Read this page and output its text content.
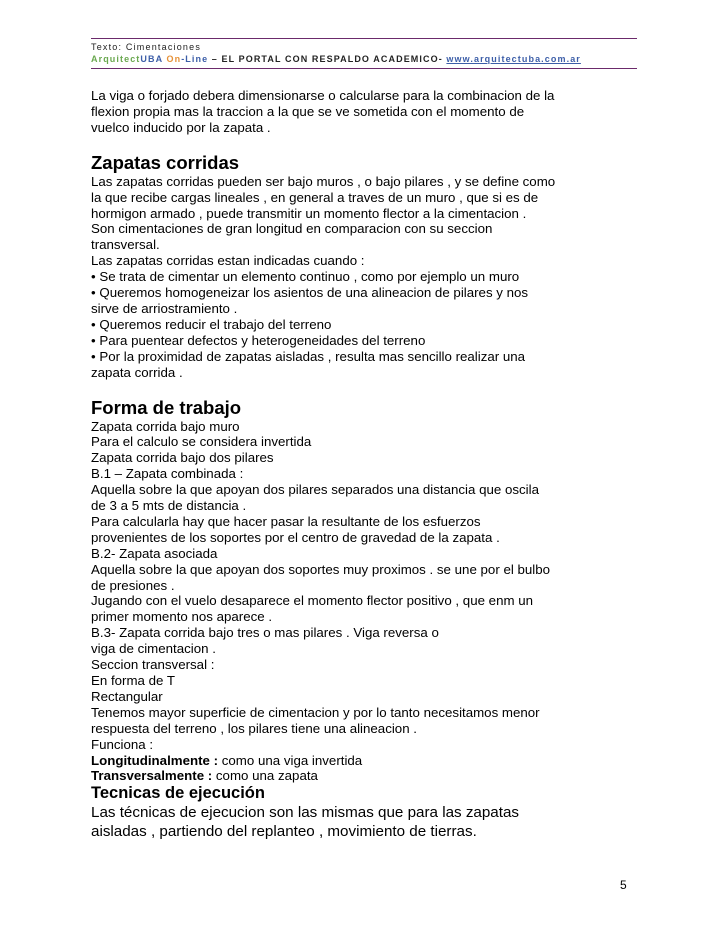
Texto: Cimentaciones
ArquitectUBA On-Line – EL PORTAL CON RESPALDO ACADEMICO- www.arquitectuba.com.ar

La viga o forjado debera dimensionarse o calcularse para la combinacion de la

flexion propia mas la traccion a la que se ve sometida con el momento de

vuelco inducido por la zapata .

Zapatas corridas

Las zapatas corridas pueden ser bajo muros , o bajo pilares , y se define como

la que recibe cargas lineales , en general a traves de un muro , que si es de

hormigon armado , puede transmitir un momento flector a la cimentacion .

Son cimentaciones de gran longitud en comparacion con su seccion

transversal.

Las zapatas corridas estan indicadas cuando :

• Se trata de cimentar un elemento continuo , como por ejemplo un muro

• Queremos homogeneizar los asientos de una alineacion de pilares y nos

sirve de arriostramiento .

• Queremos reducir el trabajo del terreno

• Para puentear defectos y heterogeneidades del terreno

• Por la proximidad de zapatas aisladas , resulta mas sencillo realizar una

zapata corrida .

Forma de trabajo

Zapata corrida bajo muro

Para el calculo se considera invertida

Zapata corrida bajo dos pilares

B.1 – Zapata combinada :

Aquella sobre la que apoyan dos pilares separados una distancia que oscila

de 3 a 5 mts de distancia .

Para calcularla hay que hacer pasar la resultante de los esfuerzos

provenientes de los soportes por el centro de gravedad de la zapata .

B.2- Zapata asociada

Aquella sobre la que apoyan dos soportes muy proximos . se une por el bulbo

de presiones .

Jugando con el vuelo desaparece el momento flector positivo , que enm un

primer momento nos aparece .

B.3- Zapata corrida bajo tres o mas pilares . Viga reversa o

viga de cimentacion .

Seccion transversal :

En forma de T

Rectangular

Tenemos mayor superficie de cimentacion y por lo tanto necesitamos menor

respuesta del terreno , los pilares tiene una alineacion .

Funciona :

Longitudinalmente : como una viga invertida

Transversalmente : como una zapata

Tecnicas de ejecución

Las técnicas de ejecucion son las mismas que para las zapatas

aisladas , partiendo del replanteo , movimiento de tierras.

5
